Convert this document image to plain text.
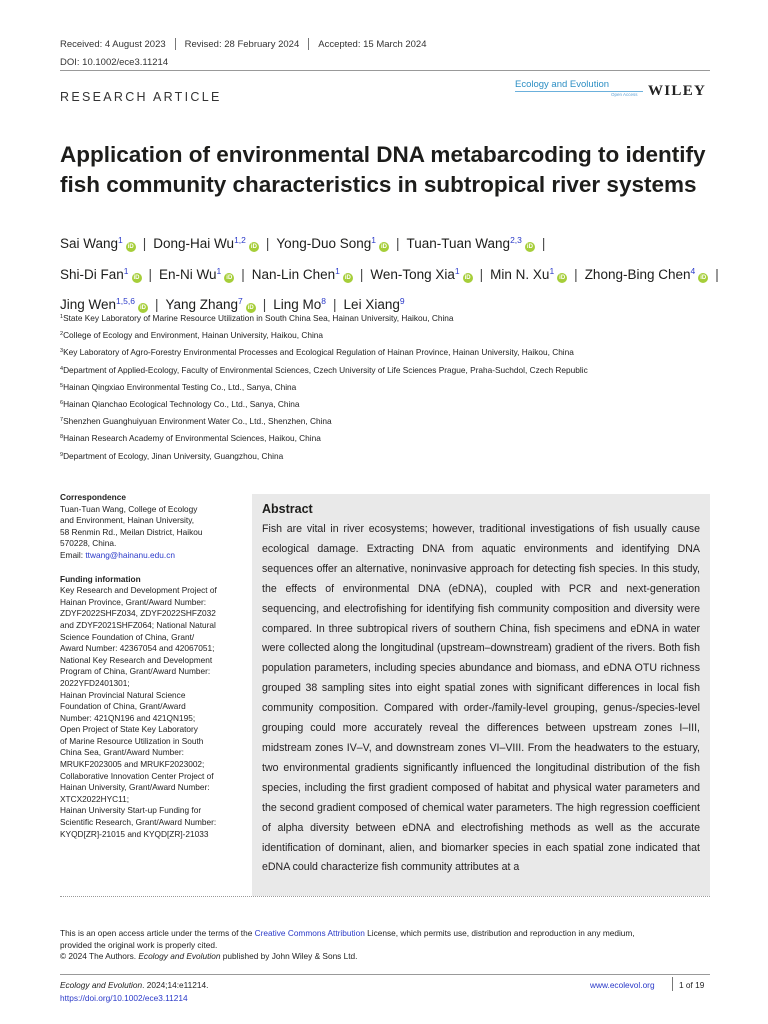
Received: 4 August 2023 Revised: 28 February 2024 Accepted: 15 March 2024
DOI: 10.1002/ece3.11214
RESEARCH ARTICLE
Ecology and Evolution
Open Access WILEY
Application of environmental DNA metabarcoding to identify fish community characteristics in subtropical river systems

Sai Wang$^1$iD | Dong-Hai Wu$^{1,2}$iD | Yong-Duo Song$^1$iD | Tuan-Tuan Wang$^{2,3}$iD |
Shi-Di Fan$^1$iD | En-Ni Wu$^1$iD | Nan-Lin Chen$^1$iD | Wen-Tong Xia$^1$iD | Min N. Xu$^1$iD | Zhong-Bing Chen$^4$iD |
Jing Wen$^{1,5,6}$iD | Yang Zhang$^7$iD | Ling Mo$^8$ | Lei Xiang$^9$

$^1$State Key Laboratory of Marine Resource Utilization in South China Sea, Hainan University, Haikou, China
$^2$College of Ecology and Environment, Hainan University, Haikou, China
$^3$Key Laboratory of Agro-Forestry Environmental Processes and Ecological Regulation of Hainan Province, Hainan University, Haikou, China
$^4$Department of Applied-Ecology, Faculty of Environmental Sciences, Czech University of Life Sciences Prague, Praha-Suchdol, Czech Republic
$^5$Hainan Qingxiao Environmental Testing Co., Ltd., Sanya, China
$^6$Hainan Qianchao Ecological Technology Co., Ltd., Sanya, China
$^7$Shenzhen Guanghuiyuan Environment Water Co., Ltd., Shenzhen, China
$^8$Hainan Research Academy of Environmental Sciences, Haikou, China
$^9$Department of Ecology, Jinan University, Guangzhou, China
Correspondence
Tuan-Tuan Wang, College of Ecology
and Environment, Hainan University,
58 Renmin Rd., Meilan District, Haikou
570228, China.
Email: ttwang@hainanu.edu.cn
Funding information
Key Research and Development Project of
Hainan Province, Grant/Award Number:
ZDYF2022SHFZ034, ZDYF2022SHFZ032
and ZDYF2021SHFZ064; National Natural
Science Foundation of China, Grant/
Award Number: 42367054 and 42067051;
National Key Research and Development
Program of China, Grant/Award Number:
2022YFD2401301;
Hainan Provincial Natural Science
Foundation of China, Grant/Award
Number: 421QN196 and 421QN195;
Open Project of State Key Laboratory
of Marine Resource Utilization in South
China Sea, Grant/Award Number:
MRUKF2023005 and MRUKF2023002;
Collaborative Innovation Center Project of
Hainan University, Grant/Award Number:
XTCX2022HYC11;
Hainan University Start-up Funding for
Scientific Research, Grant/Award Number:
KYQD[ZR]-21015 and KYQD[ZR]-21033
Abstract

Fish are vital in river ecosystems; however, traditional investigations of fish usually cause ecological damage. Extracting DNA from aquatic environments and identifying DNA sequences offer an alternative, noninvasive approach for detecting fish species. In this study, the effects of environmental DNA (eDNA), coupled with PCR and next-generation sequencing, and electrofishing for identifying fish community composition and diversity were compared. In three subtropical rivers of southern China, fish specimens and eDNA in water were collected along the longitudinal (upstream–downstream) gradient of the rivers. Both fish population parameters, including species abundance and biomass, and eDNA OTU richness grouped 38 sampling sites into eight spatial zones with significant differences in local fish community composition. Compared with order-/family-level grouping, genus-/species-level grouping could more accurately reveal the differences between upstream zones I–III, midstream zones IV–V, and downstream zones VI–VIII. From the headwaters to the estuary, two environmental gradients significantly influenced the longitudinal distribution of the fish species, including the first gradient composed of habitat and physical water parameters and the second gradient composed of chemical water parameters. The high regression coefficient of alpha diversity between eDNA and electrofishing methods as well as the accurate identification of dominant, alien, and biomarker species in each spatial zone indicated that eDNA could characterize fish community attributes at a

This is an open access article under the terms of the Creative Commons Attribution License, which permits use, distribution and reproduction in any medium,
provided the original work is properly cited.
© 2024 The Authors. Ecology and Evolution published by John Wiley & Sons Ltd.

Ecology and Evolution. 2024;14:e11214.
https://doi.org/10.1002/ece3.11214
www.ecolevol.org	1 of 19
